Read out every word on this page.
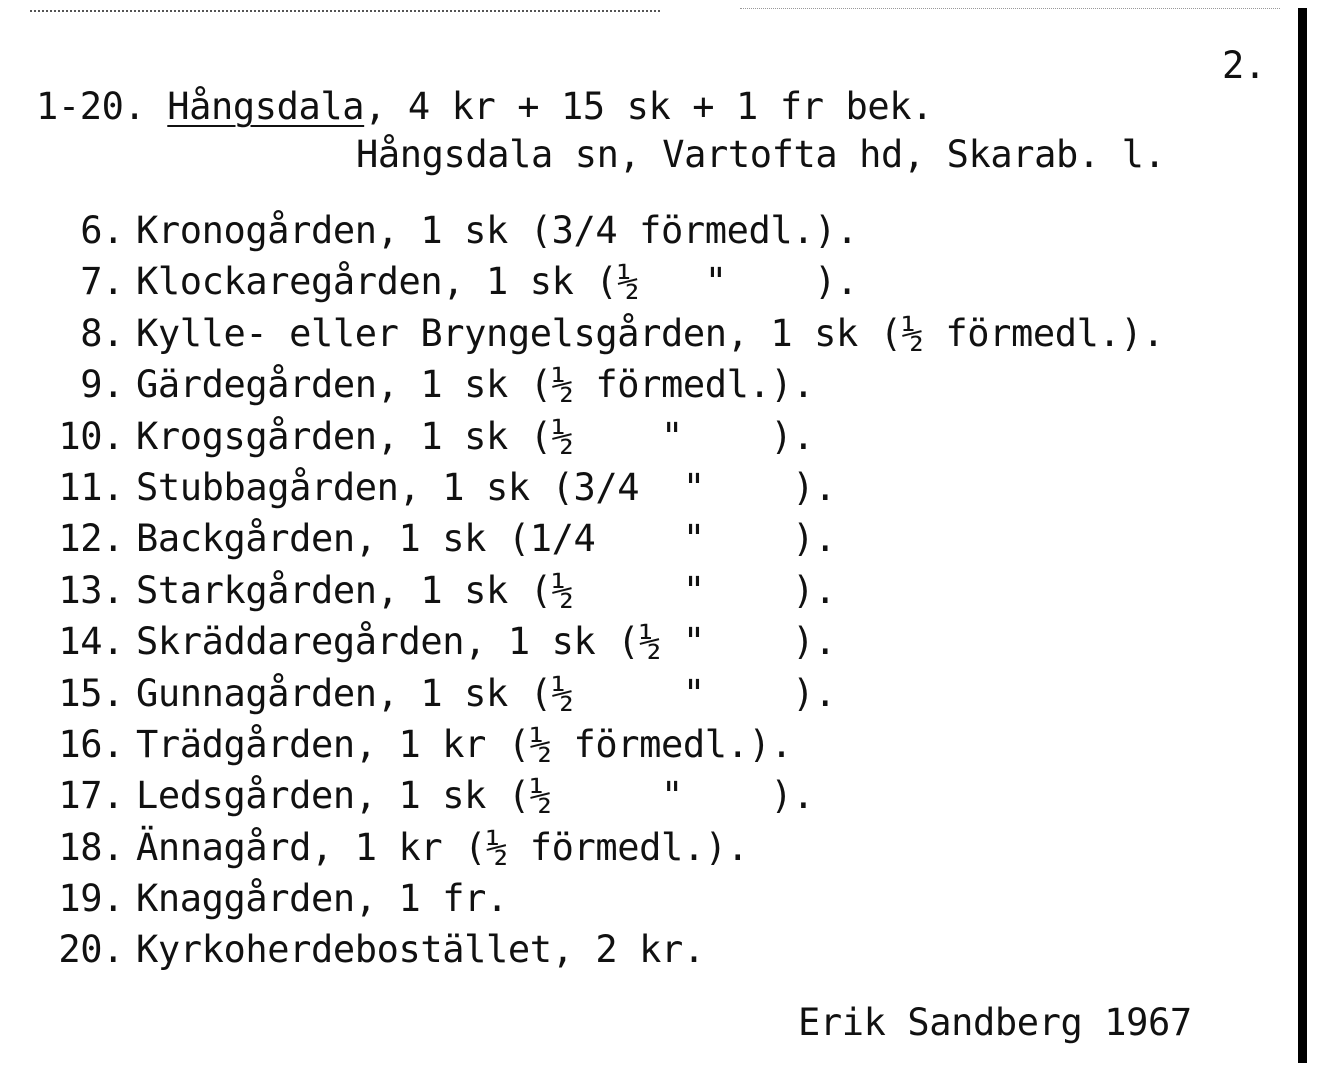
2.
1-20. Hångsdala, 4 kr + 15 sk + 1 fr bek.
Hångsdala sn, Vartofta hd, Skarab. l.
6. Kronogården, 1 sk (3/4 förmedl.).
7. Klockaregården, 1 sk (½   "    ).
8. Kylle- eller Bryngelsgården, 1 sk (½ förmedl.).
9. Gärdegården, 1 sk (½ förmedl.).
10. Krogsgården, 1 sk (½    "    ).
11. Stubbagården, 1 sk (3/4  "    ).
12. Backgården, 1 sk (1/4    "    ).
13. Starkgården, 1 sk (½     "    ).
14. Skräddaregården, 1 sk (½ "    ).
15. Gunnagården, 1 sk (½     "    ).
16. Trädgården, 1 kr (½ förmedl.).
17. Ledsgården, 1 sk (½     "    ).
18. Ännagård, 1 kr (½ förmedl.).
19. Knaggården, 1 fr.
20. Kyrkoherdebostället, 2 kr.
Erik Sandberg 1967
